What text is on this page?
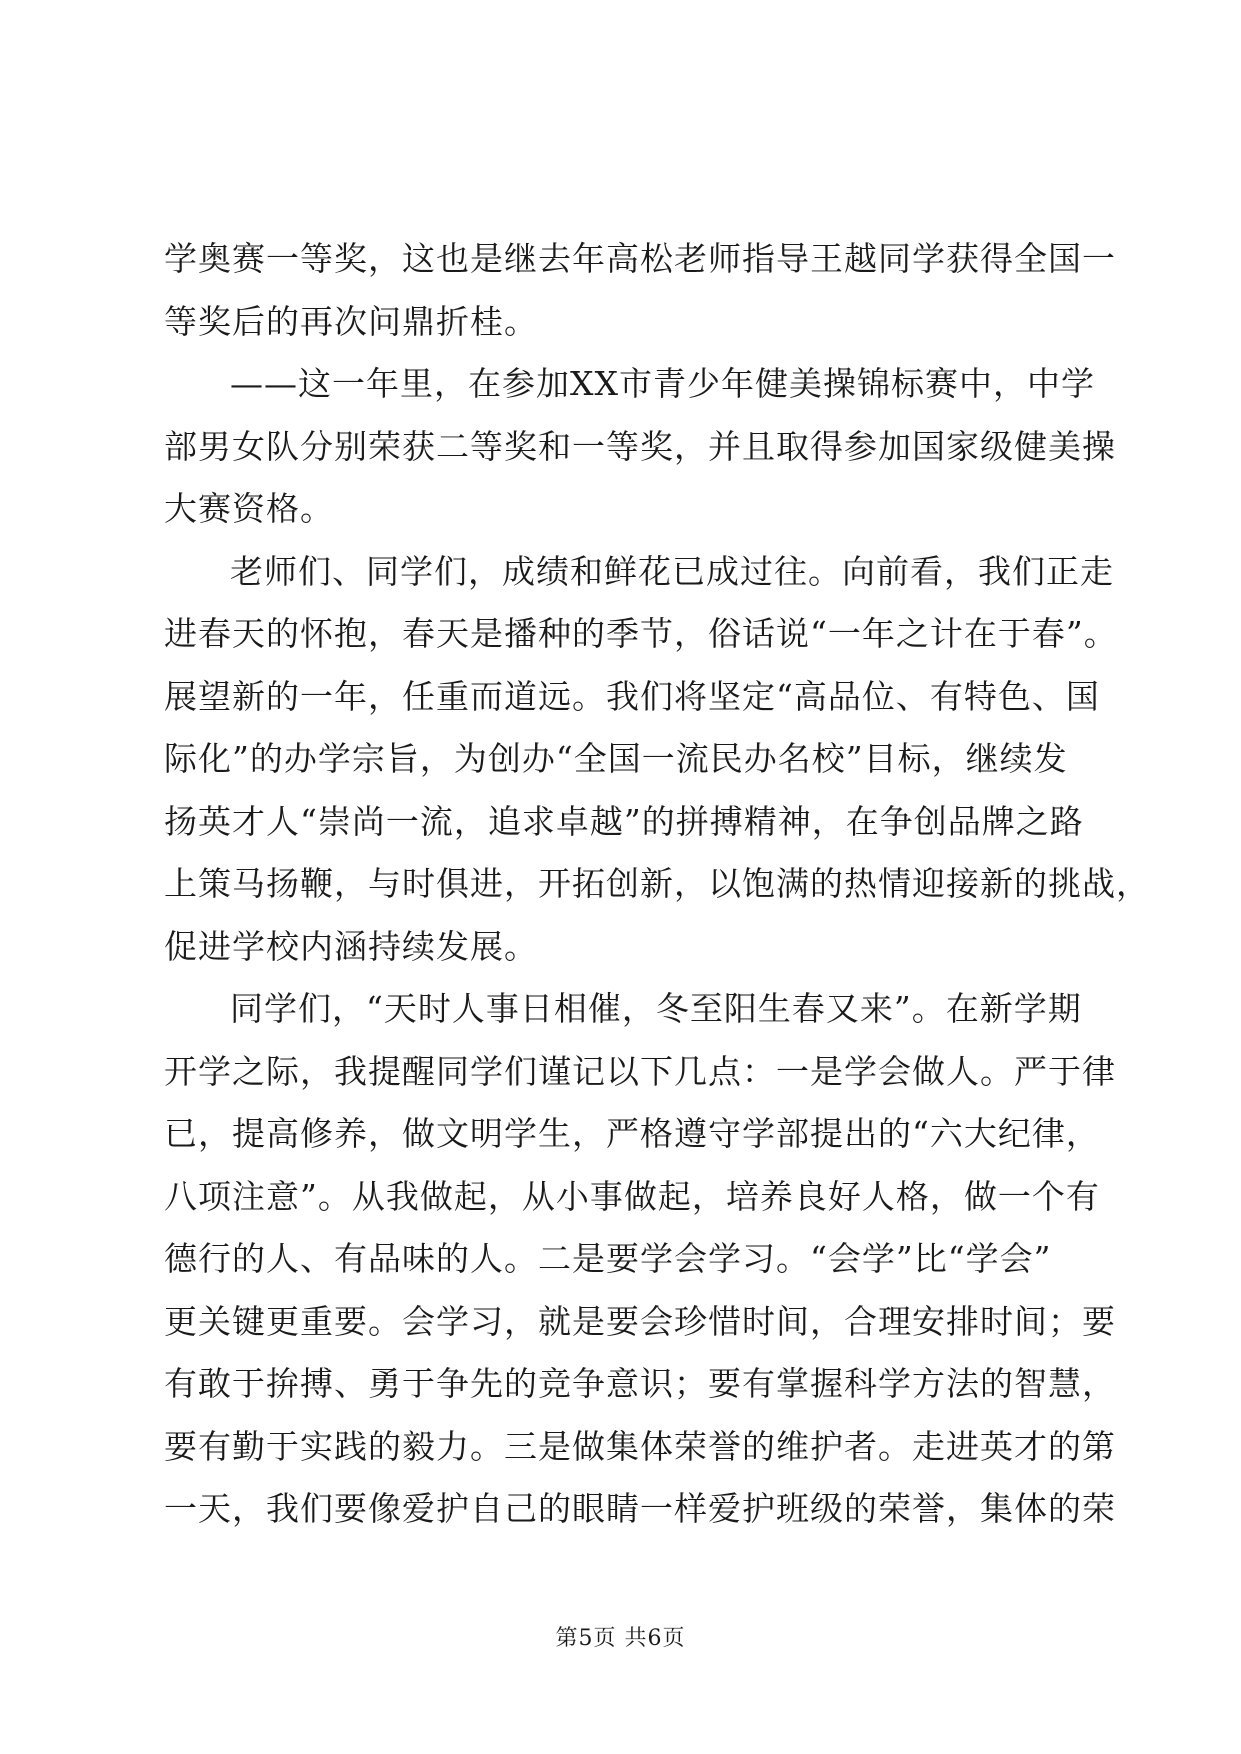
学奥赛一等奖，这也是继去年高松老师指导王越同学获得全国一
等奖后的再次问鼎折桂。

——这一年里，在参加XX市青少年健美操锦标赛中，中学
部男女队分别荣获二等奖和一等奖，并且取得参加国家级健美操
大赛资格。

老师们、同学们，成绩和鲜花已成过往。向前看，我们正走
进春天的怀抱，春天是播种的季节，俗话说“一年之计在于春”。
展望新的一年，任重而道远。我们将坚定“高品位、有特色、国
际化”的办学宗旨，为创办“全国一流民办名校”目标，继续发
扬英才人“崇尚一流，追求卓越”的拼搏精神，在争创品牌之路
上策马扬鞭，与时俱进，开拓创新，以饱满的热情迎接新的挑战，
促进学校内涵持续发展。

同学们，“天时人事日相催，冬至阳生春又来”。在新学期
开学之际，我提醒同学们谨记以下几点：一是学会做人。严于律
已，提高修养，做文明学生，严格遵守学部提出的“六大纪律，
八项注意”。从我做起，从小事做起，培养良好人格，做一个有
德行的人、有品味的人。二是要学会学习。“会学”比“学会”
更关键更重要。会学习，就是要会珍惜时间，合理安排时间；要
有敢于拚搏、勇于争先的竞争意识；要有掌握科学方法的智慧，
要有勤于实践的毅力。三是做集体荣誉的维护者。走进英才的第
一天，我们要像爱护自己的眼睛一样爱护班级的荣誉，集体的荣

第5页 共6页
